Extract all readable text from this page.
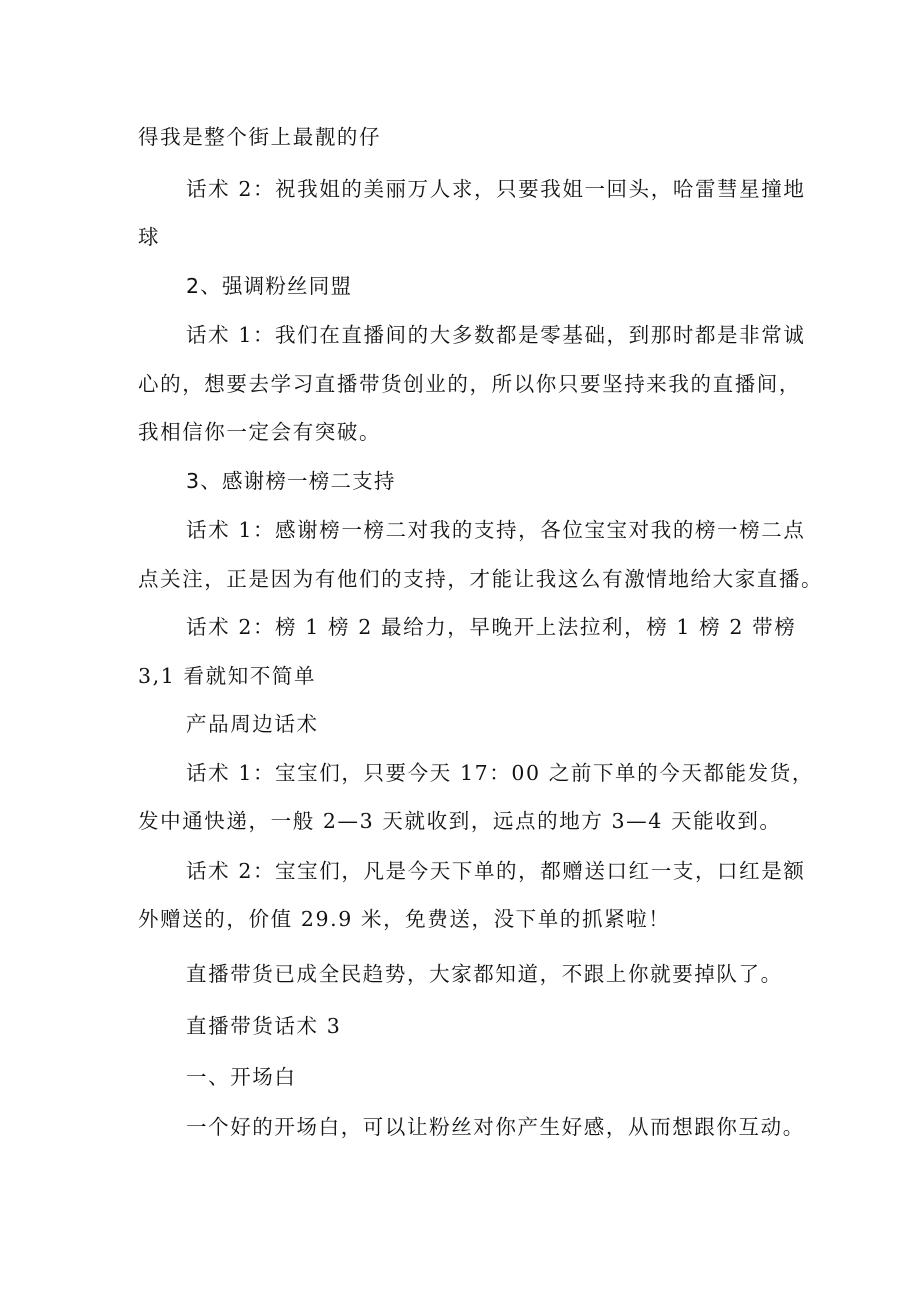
得我是整个街上最靓的仔
话术 2：祝我姐的美丽万人求，只要我姐一回头，哈雷彗星撞地
球
2、强调粉丝同盟
话术 1：我们在直播间的大多数都是零基础，到那时都是非常诚
心的，想要去学习直播带货创业的，所以你只要坚持来我的直播间，
我相信你一定会有突破。
3、感谢榜一榜二支持
话术 1：感谢榜一榜二对我的支持，各位宝宝对我的榜一榜二点
点关注，正是因为有他们的支持，才能让我这么有激情地给大家直播。
话术 2：榜 1 榜 2 最给力，早晚开上法拉利，榜 1 榜 2 带榜
3,1 看就知不简单
产品周边话术
话术 1：宝宝们，只要今天 17：00 之前下单的今天都能发货，
发中通快递，一般 2—3 天就收到，远点的地方 3—4 天能收到。
话术 2：宝宝们，凡是今天下单的，都赠送口红一支，口红是额
外赠送的，价值 29.9 米，免费送，没下单的抓紧啦！
直播带货已成全民趋势，大家都知道，不跟上你就要掉队了。
直播带货话术 3
一、开场白
一个好的开场白，可以让粉丝对你产生好感，从而想跟你互动。
